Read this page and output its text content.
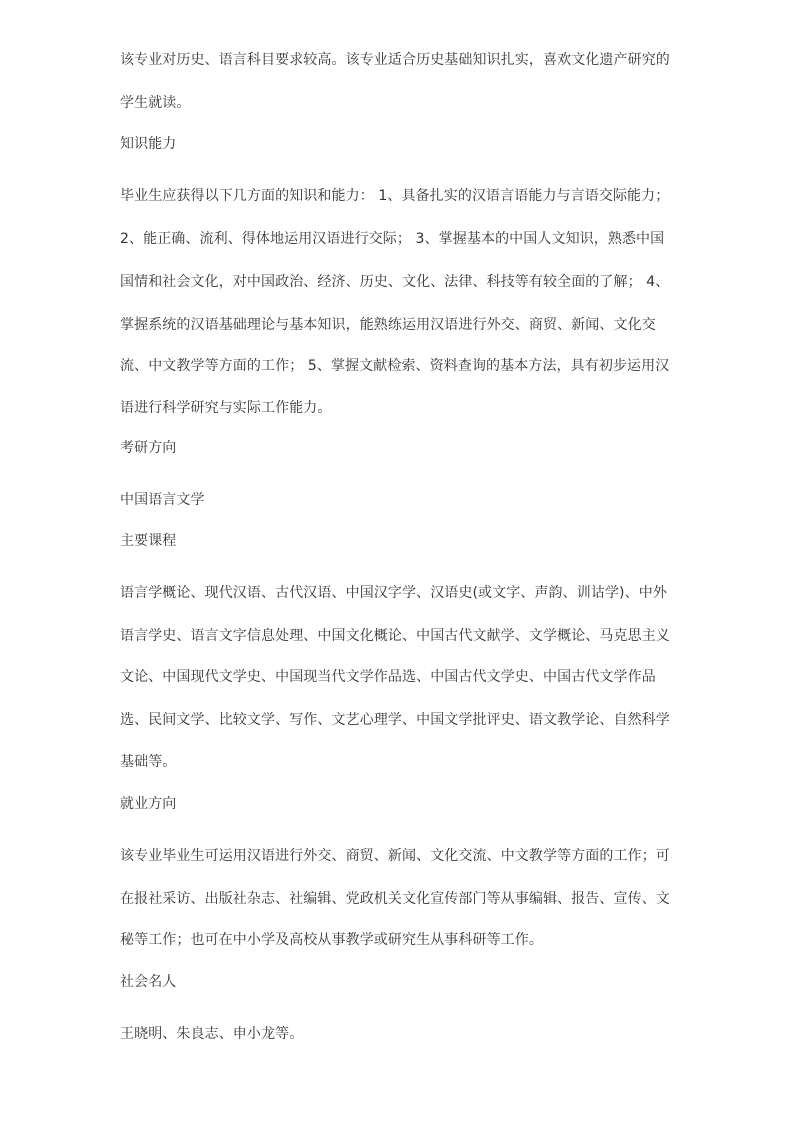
该专业对历史、语言科目要求较高。该专业适合历史基础知识扎实，喜欢文化遗产研究的
学生就读。
知识能力
毕业生应获得以下几方面的知识和能力： 1、具备扎实的汉语言语能力与言语交际能力；
2、能正确、流利、得体地运用汉语进行交际； 3、掌握基本的中国人文知识，熟悉中国
国情和社会文化，对中国政治、经济、历史、文化、法律、科技等有较全面的了解； 4、
掌握系统的汉语基础理论与基本知识，能熟练运用汉语进行外交、商贸、新闻、文化交
流、中文教学等方面的工作； 5、掌握文献检索、资料查询的基本方法，具有初步运用汉
语进行科学研究与实际工作能力。
考研方向
中国语言文学
主要课程
语言学概论、现代汉语、古代汉语、中国汉字学、汉语史(或文字、声韵、训诂学)、中外
语言学史、语言文字信息处理、中国文化概论、中国古代文献学、文学概论、马克思主义
文论、中国现代文学史、中国现当代文学作品选、中国古代文学史、中国古代文学作品
选、民间文学、比较文学、写作、文艺心理学、中国文学批评史、语文教学论、自然科学
基础等。
就业方向
该专业毕业生可运用汉语进行外交、商贸、新闻、文化交流、中文教学等方面的工作；可
在报社采访、出版社杂志、社编辑、党政机关文化宣传部门等从事编辑、报告、宣传、文
秘等工作；也可在中小学及高校从事教学或研究生从事科研等工作。
社会名人
王晓明、朱良志、申小龙等。
